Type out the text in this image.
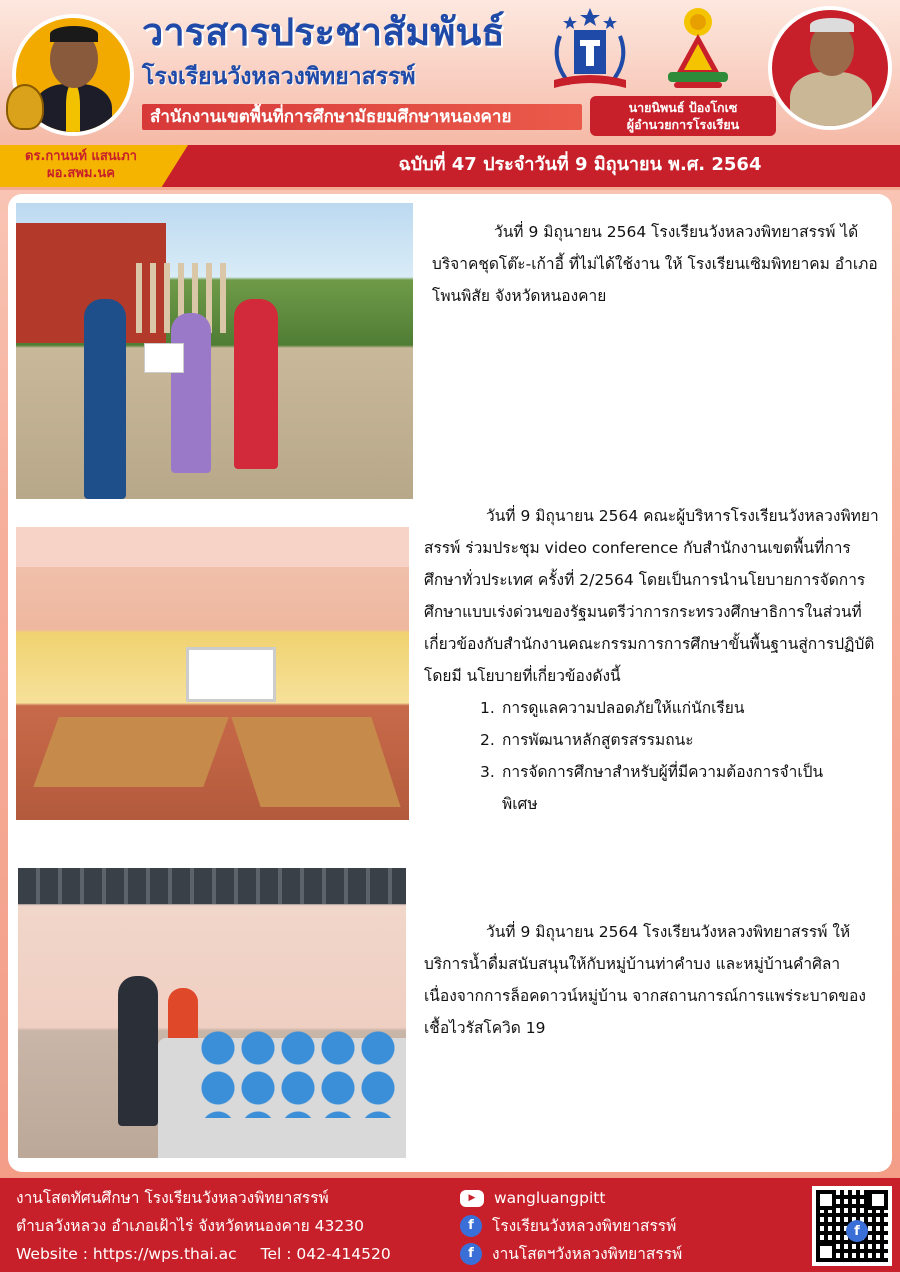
วารสารประชาสัมพันธ์
โรงเรียนวังหลวงพิทยาสรรพ์
สำนักงานเขตพื้นที่การศึกษามัธยมศึกษาหนองคาย	นายนิพนธ์ ป้องโกเซ
ผู้อำนวยการโรงเรียน
ดร.กานนท์ แสนเภา
ผอ.สพม.นค	ฉบับที่ 47 ประจำวันที่ 9 มิถุนายน พ.ศ. 2564
วันที่ 9 มิถุนายน 2564 โรงเรียนวังหลวงพิทยาสรรพ์ ได้บริจาคชุดโต๊ะ-เก้าอี้ ที่ไม่ได้ใช้งาน ให้ โรงเรียนเซิมพิทยาคม อำเภอโพนพิสัย จังหวัดหนองคาย
วันที่ 9 มิถุนายน 2564 คณะผู้บริหารโรงเรียนวังหลวงพิทยาสรรพ์ ร่วมประชุม video conference กับสำนักงานเขตพื้นที่การศึกษาทั่วประเทศ ครั้งที่ 2/2564 โดยเป็นการนำนโยบายการจัดการศึกษาแบบเร่งด่วนของรัฐมนตรีว่าการกระทรวงศึกษาธิการในส่วนที่เกี่ยวข้องกับสำนักงานคณะกรรมการการศึกษาขั้นพื้นฐานสู่การปฏิบัติ โดยมี นโยบายที่เกี่ยวข้องดังนี้
1. การดูแลความปลอดภัยให้แก่นักเรียน
2. การพัฒนาหลักสูตรสรรมถนะ
3. การจัดการศึกษาสำหรับผู้ที่มีความต้องการจำเป็น
พิเศษ
วันที่ 9 มิถุนายน 2564 โรงเรียนวังหลวงพิทยาสรรพ์ ให้บริการน้ำดื่มสนับสนุนให้กับหมู่บ้านท่าคำบง และหมู่บ้านคำศิลา เนื่องจากการล็อคดาวน์หมู่บ้าน จากสถานการณ์การแพร่ระบาดของเชื้อไวรัสโควิด 19
งานโสตทัศนศึกษา โรงเรียนวังหลวงพิทยาสรรพ์
ตำบลวังหลวง อำเภอเฝ้าไร่ จังหวัดหนองคาย 43230
Website : https://wps.thai.ac Tel : 042-414520
▶	wangluangpitt
f	โรงเรียนวังหลวงพิทยาสรรพ์
f	งานโสตฯวังหลวงพิทยาสรรพ์
f
